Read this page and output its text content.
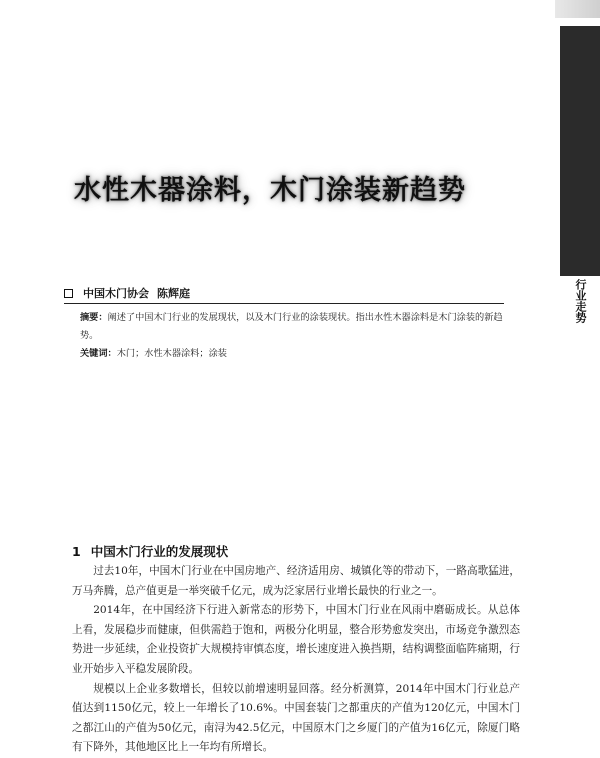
行业走势
水性木器涂料，木门涂装新趋势
中国木门协会 陈辉庭
摘要：阐述了中国木门行业的发展现状，以及木门行业的涂装现状。指出水性木器涂料是木门涂装的新趋势。
关键词：木门；水性木器涂料；涂装
1 中国木门行业的发展现状

过去10年，中国木门行业在中国房地产、经济适用房、城镇化等的带动下，一路高歌猛进，万马奔腾，总产值更是一举突破千亿元，成为泛家居行业增长最快的行业之一。

2014年，在中国经济下行进入新常态的形势下，中国木门行业在风雨中磨砺成长。从总体上看，发展稳步而健康，但供需趋于饱和，两极分化明显，整合形势愈发突出，市场竞争激烈态势进一步延续，企业投资扩大规模持审慎态度，增长速度进入换挡期，结构调整面临阵痛期，行业开始步入平稳发展阶段。

规模以上企业多数增长，但较以前增速明显回落。经分析测算，2014年中国木门行业总产值达到1150亿元，较上一年增长了10.6%。中国套装门之都重庆的产值为120亿元，中国木门之都江山的产值为50亿元，南浔为42.5亿元，中国原木门之乡厦门的产值为16亿元，除厦门略有下降外，其他地区比上一年均有所增长。
